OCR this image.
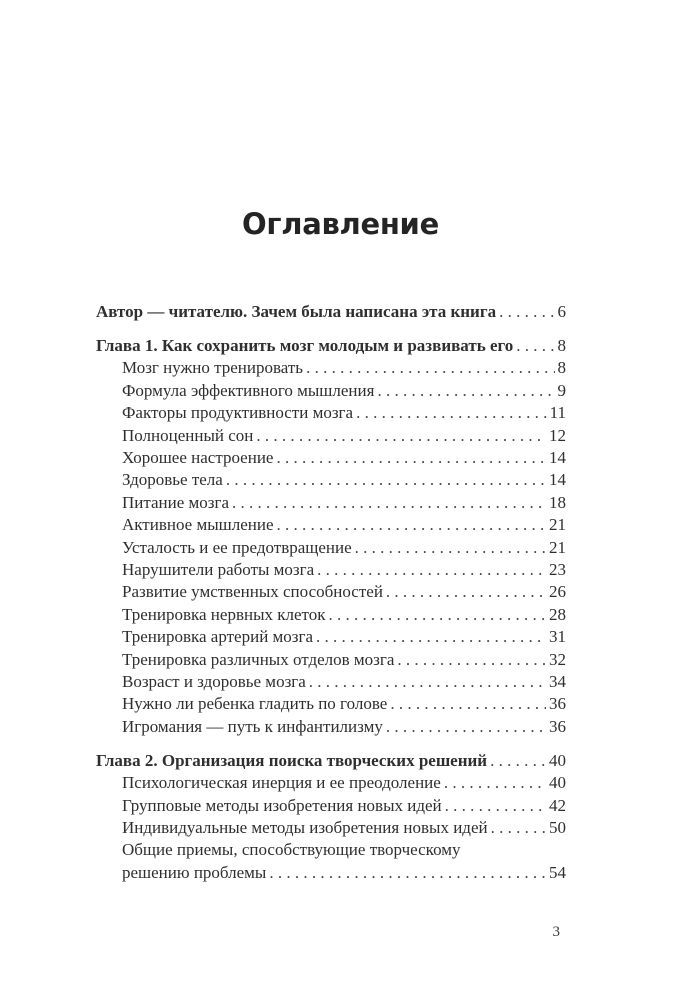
Оглавление
Автор — читателю. Зачем была написана эта книга . . .	6
Глава 1. Как сохранить мозг молодым и развивать его . . .	8
Мозг нужно тренировать . . .	8
Формула эффективного мышления . . .	9
Факторы продуктивности мозга . . .	11
Полноценный сон . . .	12
Хорошее настроение . . .	14
Здоровье тела . . .	14
Питание мозга . . .	18
Активное мышление . . .	21
Усталость и ее предотвращение . . .	21
Нарушители работы мозга . . .	23
Развитие умственных способностей . . .	26
Тренировка нервных клеток . . .	28
Тренировка артерий мозга . . .	31
Тренировка различных отделов мозга . . .	32
Возраст и здоровье мозга . . .	34
Нужно ли ребенка гладить по голове . . .	36
Игромания — путь к инфантилизму . . .	36
Глава 2. Организация поиска творческих решений . . .	40
Психологическая инерция и ее преодоление . . .	40
Групповые методы изобретения новых идей . . .	42
Индивидуальные методы изобретения новых идей . . .	50
Общие приемы, способствующие творческому
решению проблемы . . .	54
3
